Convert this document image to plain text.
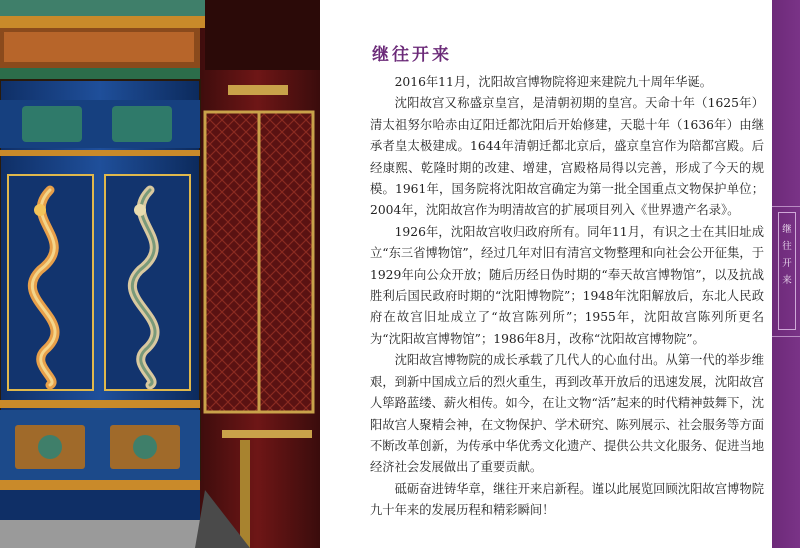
继往开来

2016年11月，沈阳故宫博物院将迎来建院九十周年华诞。

沈阳故宫又称盛京皇宫，是清朝初期的皇宫。天命十年（1625年）清太祖努尔哈赤由辽阳迁都沈阳后开始修建，天聪十年（1636年）由继承者皇太极建成。1644年清朝迁都北京后，盛京皇宫作为陪都宫殿。后经康熙、乾隆时期的改建、增建，宫殿格局得以完善，形成了今天的规模。1961年，国务院将沈阳故宫确定为第一批全国重点文物保护单位；2004年，沈阳故宫作为明清故宫的扩展项目列入《世界遗产名录》。

1926年，沈阳故宫收归政府所有。同年11月，有识之士在其旧址成立“东三省博物馆”，经过几年对旧有清宫文物整理和向社会公开征集，于1929年向公众开放；随后历经日伪时期的“奉天故宫博物馆”，以及抗战胜利后国民政府时期的“沈阳博物院”；1948年沈阳解放后，东北人民政府在故宫旧址成立了“故宫陈列所”；1955年，沈阳故宫陈列所更名为“沈阳故宫博物馆”；1986年8月，改称“沈阳故宫博物院”。

沈阳故宫博物院的成长承载了几代人的心血付出。从第一代的举步维艰，到新中国成立后的烈火重生，再到改革开放后的迅速发展，沈阳故宫人筚路蓝缕、薪火相传。如今，在让文物“活”起来的时代精神鼓舞下，沈阳故宫人聚精会神，在文物保护、学术研究、陈列展示、社会服务等方面不断改革创新，为传承中华优秀文化遗产、提供公共文化服务、促进当地经济社会发展做出了重要贡献。

砥砺奋进铸华章，继往开来启新程。谨以此展览回顾沈阳故宫博物院九十年来的发展历程和精彩瞬间！

继
往
开
来
